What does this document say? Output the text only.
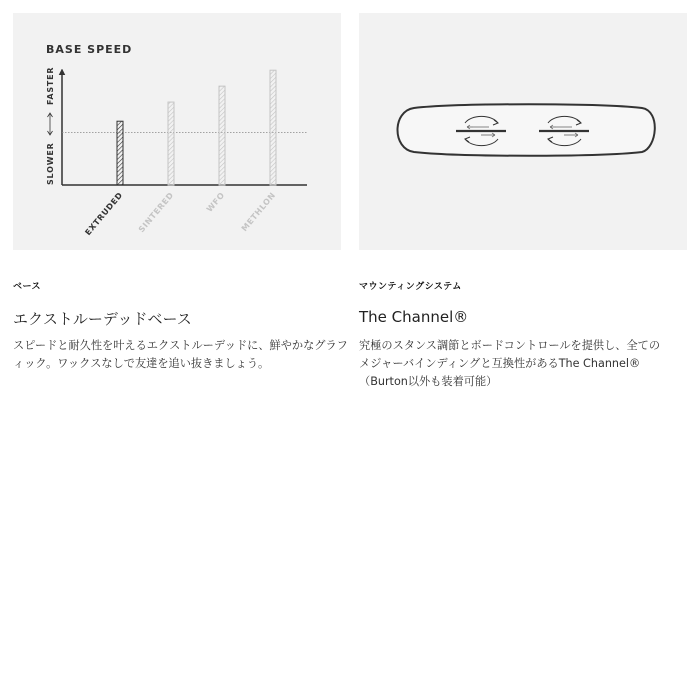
BASE SPEED
SLOWER
FASTER
EXTRUDED SINTERED	WFO METHLON
ベース
エクストルーデッドベース
スピードと耐久性を叶えるエクストルーデッドに、鮮やかなグラフィック。ワックスなしで友達を追い抜きましょう。
マウンティングシステム
The Channel®
究極のスタンス調節とボードコントロールを提供し、全ての
メジャーバインディングと互換性があるThe Channel®
（Burton以外も装着可能）
